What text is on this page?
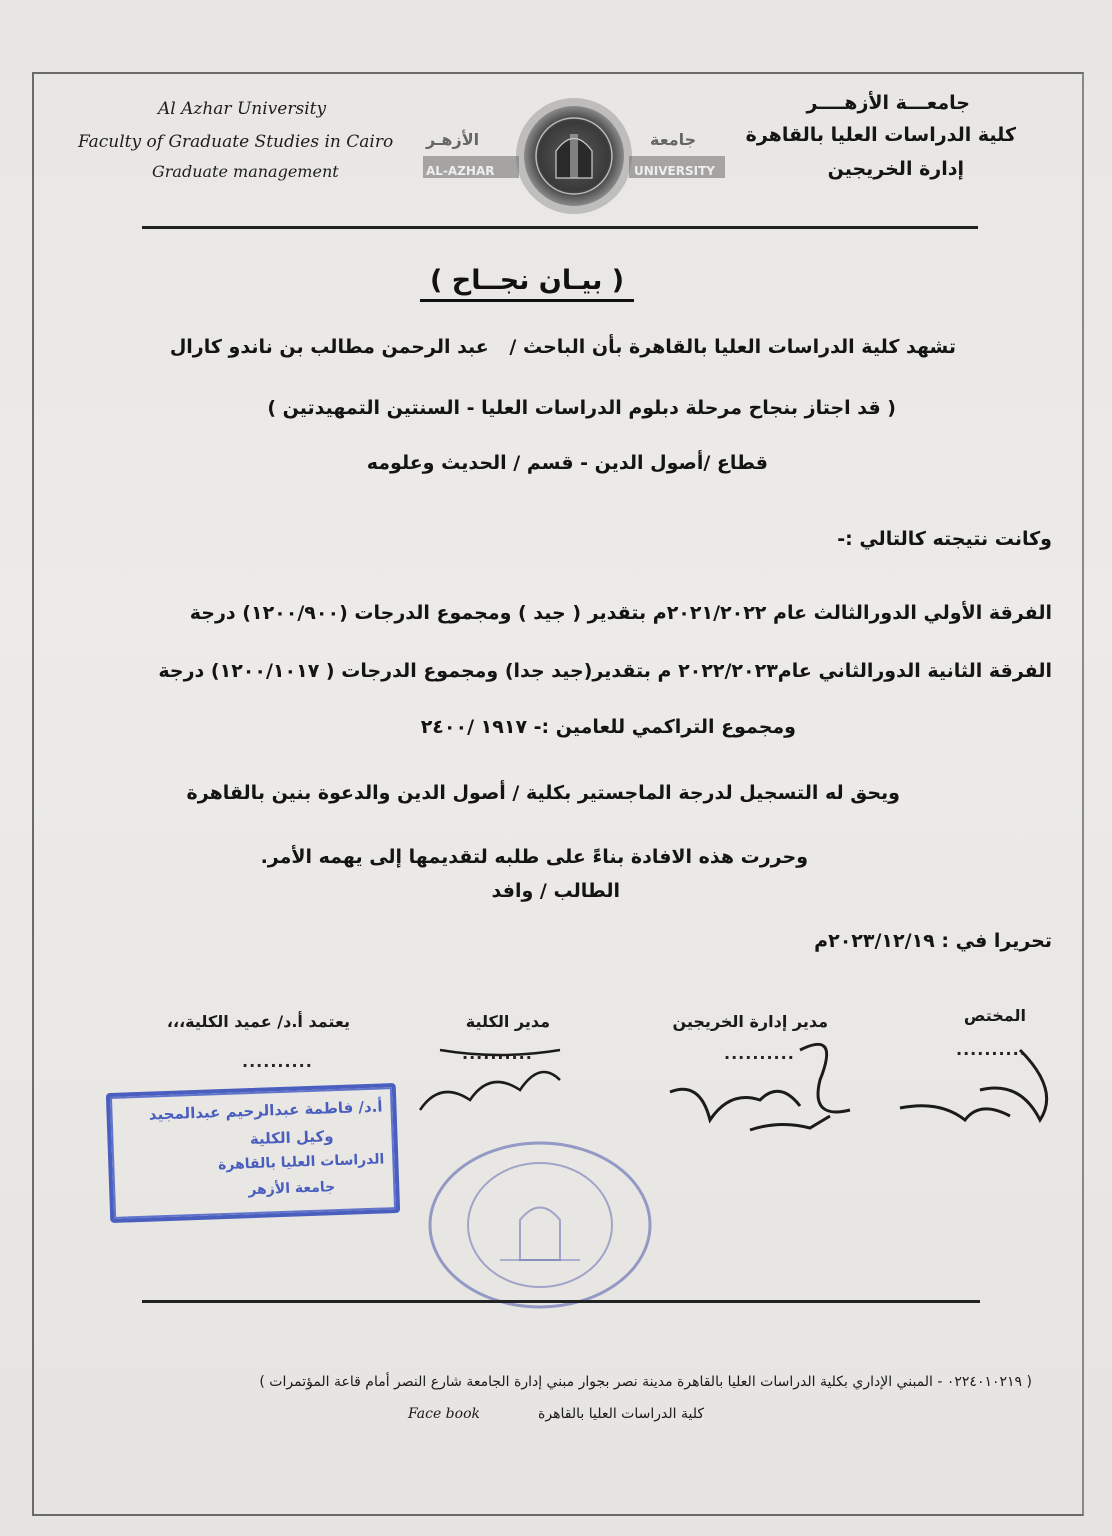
Al Azhar University
Faculty of Graduate Studies in Cairo
Graduate management
الأزهـر
AL-AZHAR
جامعة
UNIVERSITY
جامعـــة الأزهــــر
كلية الدراسات العليا بالقاهرة
إدارة الخريجين
( بيـان نجــاح )
تشهد كلية الدراسات العليا بالقاهرة بأن الباحث / عبد الرحمن مطالب بن ناندو كارال
( قد اجتاز بنجاح مرحلة دبلوم الدراسات العليا - السنتين التمهيدتين )
قطاع /أصول الدين - قسم / الحديث وعلومه
وكانت نتيجته كالتالي :-
الفرقة الأولي الدورالثالث عام ٢٠٢١/٢٠٢٢م بتقدير ( جيد ) ومجموع الدرجات (١٢٠٠/٩٠٠) درجة
الفرقة الثانية الدورالثاني عام٢٠٢٢/٢٠٢٣ م بتقدير(جيد جدا) ومجموع الدرجات ( ١٢٠٠/١٠١٧) درجة
ومجموع التراكمي للعامين :- ١٩١٧ /٢٤٠٠
ويحق له التسجيل لدرجة الماجستير بكلية / أصول الدين والدعوة بنين بالقاهرة
وحررت هذه الافادة بناءً على طلبه لتقديمها إلى يهمه الأمر.
الطالب / وافد
تحريرا في : ٢٠٢٣/١٢/١٩م
المختص
مدير إدارة الخريجين
مدير الكلية
يعتمد أ.د/ عميد الكلية،،،
..........
..........
..........
..........
أ.د/ فاطمة عبدالرحيم عبدالمجيد
وكيل الكلية
الدراسات العليا بالقاهرة
جامعة الأزهر
( ٠٢٢٤٠١٠٢١٩ - المبني الإداري بكلية الدراسات العليا بالقاهرة مدينة نصر بجوار مبني إدارة الجامعة شارع النصر أمام قاعة المؤتمرات )
كلية الدراسات العليا بالقاهرة
Face book
